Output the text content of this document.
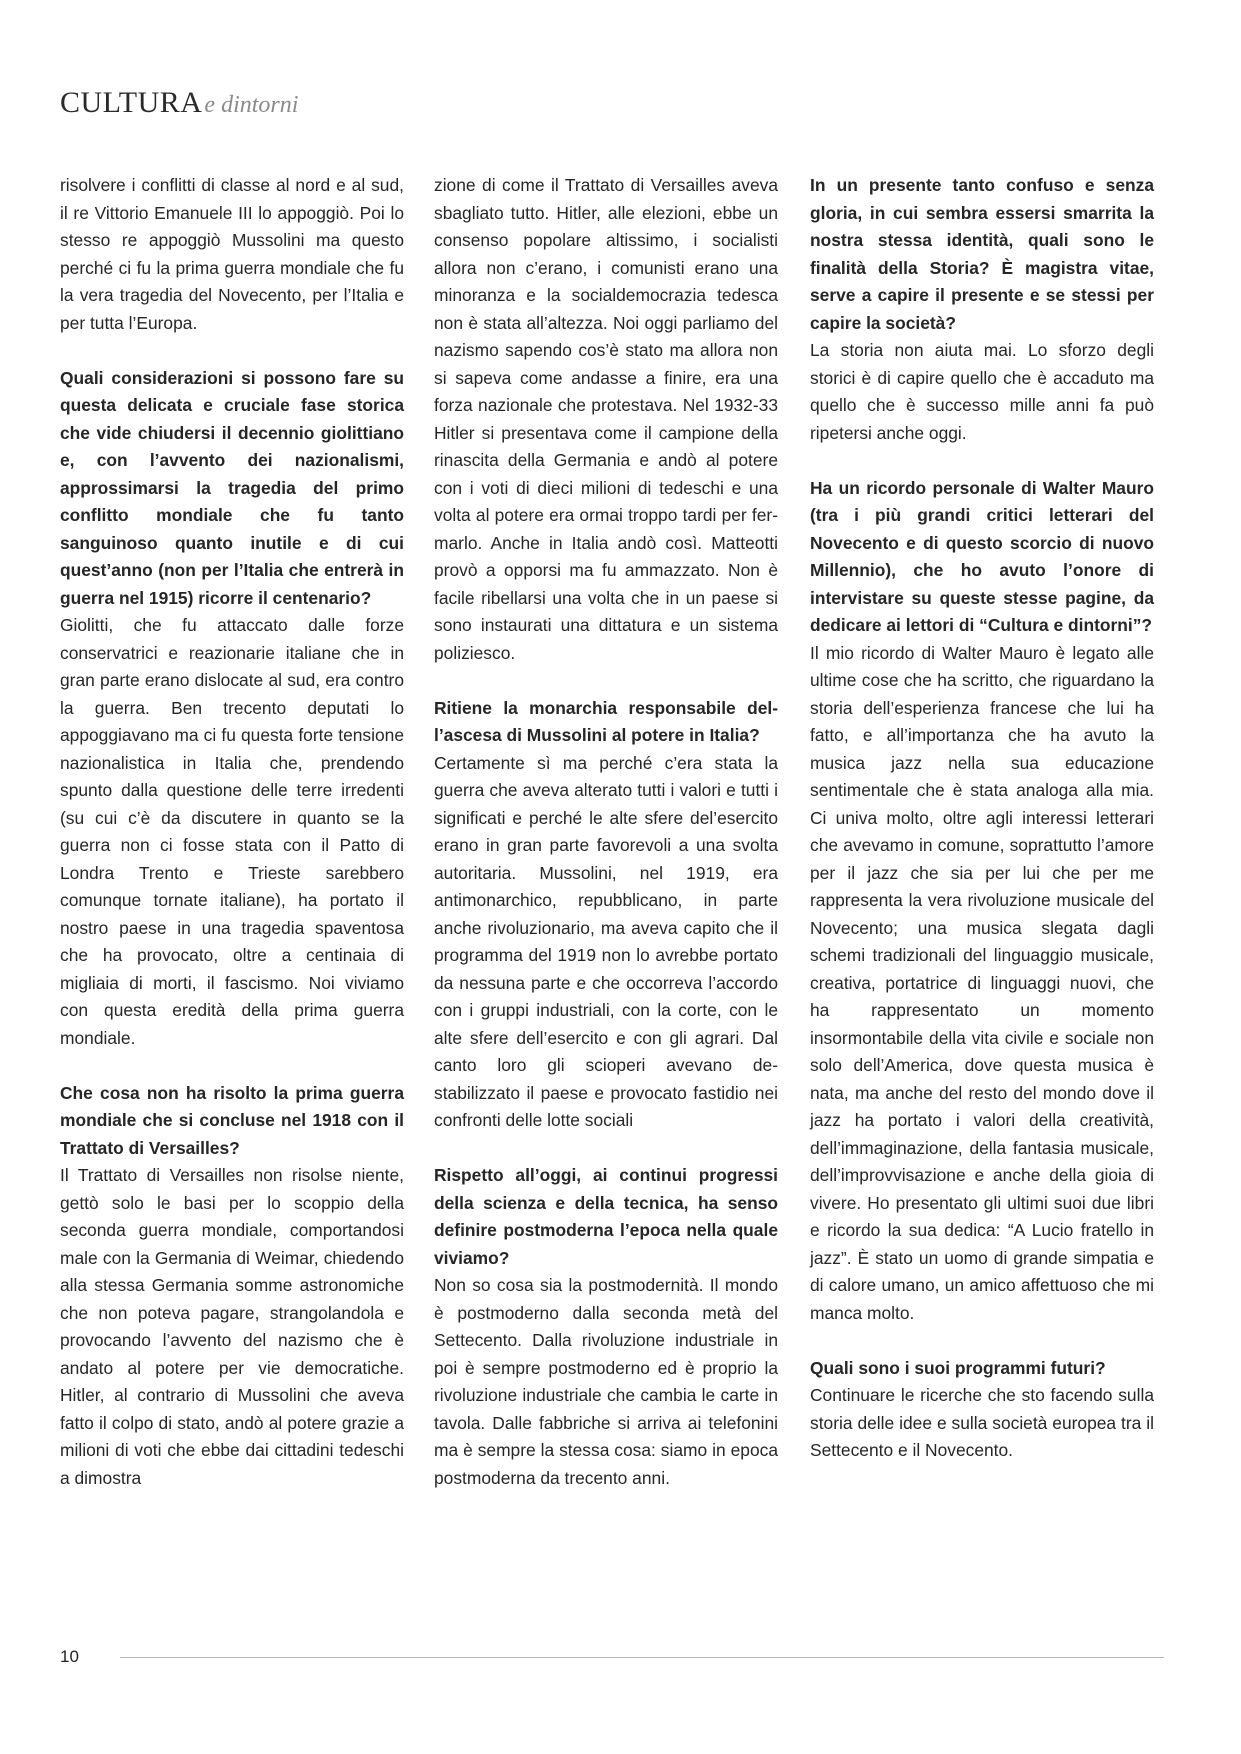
CULTURAe dintorni

risolvere i conflitti di classe al nord e al sud, il re Vittorio Emanuele III lo appoggiò. Poi lo stesso re appoggiò Mussolini ma questo perché ci fu la prima guerra mondiale che fu la vera tragedia del Novecento, per l’Italia e per tutta l’Europa.

Quali considerazioni si possono fare su questa delicata e cruciale fase storica che vide chiudersi il decennio giolittiano e, con l’avvento dei nazionalismi, approssimarsi la tragedia del primo conflitto mondiale che fu tanto sanguinoso quanto inutile e di cui quest’anno (non per l’Italia che entrerà in guerra nel 1915) ricorre il centenario?

Giolitti, che fu attaccato dalle forze conservatrici e reazionarie italiane che in gran parte erano dislocate al sud, era contro la guerra. Ben trecento deputati lo appoggiavano ma ci fu questa forte tensione nazionalistica in Italia che, prendendo spunto dalla questione delle terre irredenti (su cui c’è da discutere in quanto se la guerra non ci fosse stata con il Patto di Londra Trento e Trieste sarebbero comunque tornate italiane), ha portato il nostro paese in una tragedia spaventosa che ha provocato, oltre a centinaia di migliaia di morti, il fascismo. Noi viviamo con questa eredità della prima guerra mondiale.

Che cosa non ha risolto la prima guerra mondiale che si concluse nel 1918 con il Trattato di Versailles?

Il Trattato di Versailles non risolse niente, gettò solo le basi per lo scoppio della seconda guerra mondiale, comportandosi male con la Germania di Weimar, chiedendo alla stessa Germania somme astronomiche che non poteva pagare, strangolandola e provocando l’avvento del nazismo che è andato al potere per vie democratiche. Hitler, al contrario di Mussolini che aveva fatto il colpo di stato, andò al potere grazie a milioni di voti che ebbe dai cittadini tedeschi a dimostra

zione di come il Trattato di Versailles aveva sbagliato tutto. Hitler, alle elezioni, ebbe un consenso popolare altissimo, i socialisti allora non c’erano, i comunisti erano una minoranza e la socialdemocrazia tedesca non è stata all’altezza. Noi oggi parliamo del nazismo sapendo cos’è stato ma allora non si sapeva come andasse a finire, era una forza nazionale che protestava. Nel 1932-33 Hitler si presentava come il campione della rinascita della Germania e andò al potere con i voti di dieci milioni di tedeschi e una volta al potere era ormai troppo tardi per fermarlo. Anche in Italia andò così. Matteotti provò a opporsi ma fu ammazzato. Non è facile ribellarsi una volta che in un paese si sono instaurati una dittatura e un sistema poliziesco.

Ritiene la monarchia responsabile dell’ascesa di Mussolini al potere in Italia?

Certamente sì ma perché c’era stata la guerra che aveva alterato tutti i valori e tutti i significati e perché le alte sfere del’esercito erano in gran parte favorevoli a una svolta autoritaria. Mussolini, nel 1919, era antimonarchico, repubblicano, in parte anche rivoluzionario, ma aveva capito che il programma del 1919 non lo avrebbe portato da nessuna parte e che occorreva l’accordo con i gruppi industriali, con la corte, con le alte sfere dell’esercito e con gli agrari. Dal canto loro gli scioperi avevano destabilizzato il paese e provocato fastidio nei confronti delle lotte sociali

Rispetto all’oggi, ai continui progressi della scienza e della tecnica, ha senso definire postmoderna l’epoca nella quale viviamo?

Non so cosa sia la postmodernità. Il mondo è postmoderno dalla seconda metà del Settecento. Dalla rivoluzione industriale in poi è sempre postmoderno ed è proprio la rivoluzione industriale che cambia le carte in tavola. Dalle fabbriche si arriva ai telefonini ma è sempre la stessa cosa: siamo in epoca postmoderna da trecento anni.

In un presente tanto confuso e senza gloria, in cui sembra essersi smarrita la nostra stessa identità, quali sono le finalità della Storia? È magistra vitae, serve a capire il presente e se stessi per capire la società?

La storia non aiuta mai. Lo sforzo degli storici è di capire quello che è accaduto ma quello che è successo mille anni fa può ripetersi anche oggi.

Ha un ricordo personale di Walter Mauro (tra i più grandi critici letterari del Novecento e di questo scorcio di nuovo Millennio), che ho avuto l’onore di intervistare su queste stesse pagine, da dedicare ai lettori di “Cultura e dintorni”?

Il mio ricordo di Walter Mauro è legato alle ultime cose che ha scritto, che riguardano la storia dell’esperienza francese che lui ha fatto, e all’importanza che ha avuto la musica jazz nella sua educazione sentimentale che è stata analoga alla mia. Ci univa molto, oltre agli interessi letterari che avevamo in comune, soprattutto l’amore per il jazz che sia per lui che per me rappresenta la vera rivoluzione musicale del Novecento; una musica slegata dagli schemi tradizionali del linguaggio musicale, creativa, portatrice di linguaggi nuovi, che ha rappresentato un momento insormontabile della vita civile e sociale non solo dell’America, dove questa musica è nata, ma anche del resto del mondo dove il jazz ha portato i valori della creatività, dell’immaginazione, della fantasia musicale, dell’improvvisazione e anche della gioia di vivere. Ho presentato gli ultimi suoi due libri e ricordo la sua dedica: “A Lucio fratello in jazz”. È stato un uomo di grande simpatia e di calore umano, un amico affettuoso che mi manca molto.

Quali sono i suoi programmi futuri?

Continuare le ricerche che sto facendo sulla storia delle idee e sulla società europea tra il Settecento e il Novecento.

10
